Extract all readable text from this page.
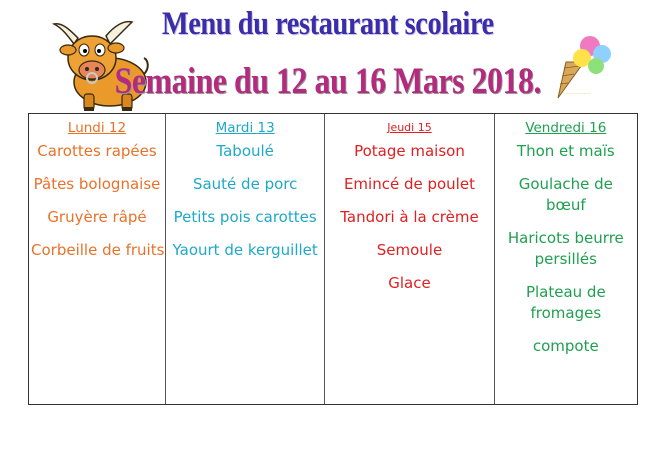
~~~~~~~~~~
Menu du restaurant scolaire
Semaine du 12 au 16 Mars 2018.
Lundi 12
Carottes rapées
Pâtes bolognaise
Gruyère râpé
Corbeille de fruits
Mardi 13
Taboulé
Sauté de porc
Petits pois carottes
Yaourt de kerguillet
Jeudi 15
Potage maison
Emincé de poulet
Tandori à la crème
Semoule
Glace
Vendredi 16
Thon et maïs
Goulache de bœuf
Haricots beurre persillés
Plateau de fromages
compote
